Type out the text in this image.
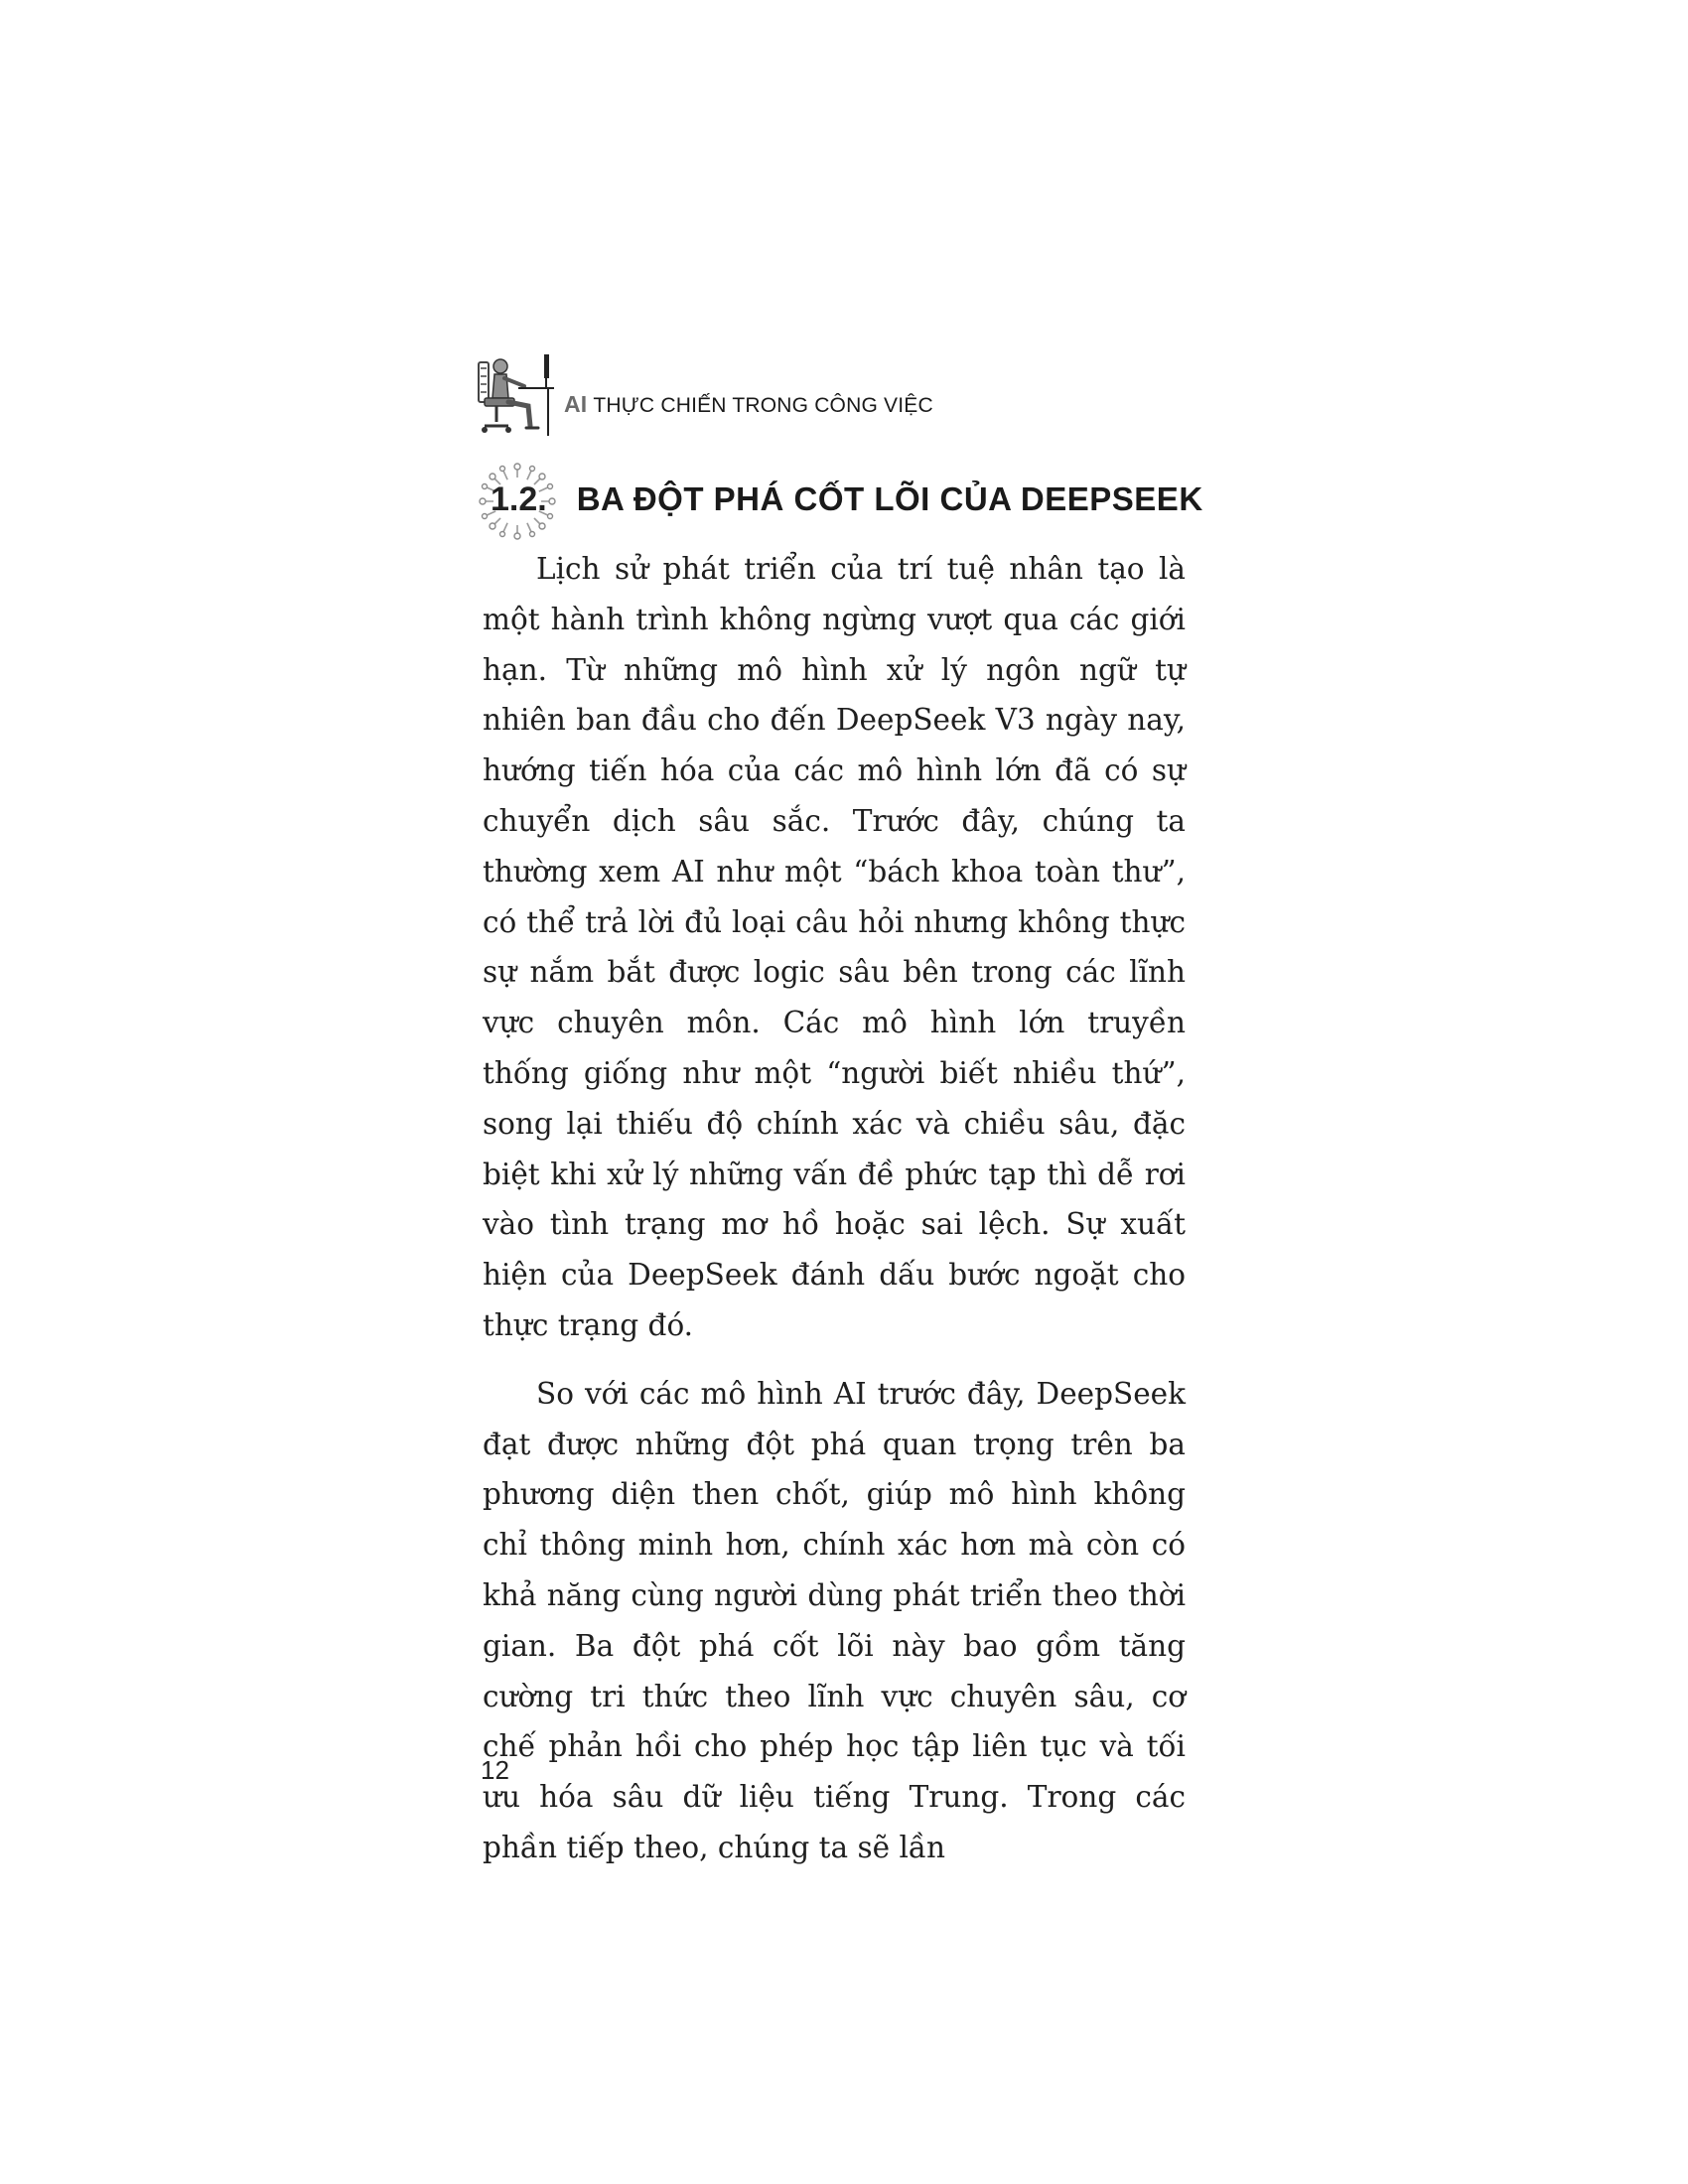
AI THỰC CHIẾN TRONG CÔNG VIỆC
1.2. BA ĐỘT PHÁ CỐT LÕI CỦA DEEPSEEK

Lịch sử phát triển của trí tuệ nhân tạo là một hành trình không ngừng vượt qua các giới hạn. Từ những mô hình xử lý ngôn ngữ tự nhiên ban đầu cho đến DeepSeek V3 ngày nay, hướng tiến hóa của các mô hình lớn đã có sự chuyển dịch sâu sắc. Trước đây, chúng ta thường xem AI như một “bách khoa toàn thư”, có thể trả lời đủ loại câu hỏi nhưng không thực sự nắm bắt được logic sâu bên trong các lĩnh vực chuyên môn. Các mô hình lớn truyền thống giống như một “người biết nhiều thứ”, song lại thiếu độ chính xác và chiều sâu, đặc biệt khi xử lý những vấn đề phức tạp thì dễ rơi vào tình trạng mơ hồ hoặc sai lệch. Sự xuất hiện của DeepSeek đánh dấu bước ngoặt cho thực trạng đó.

So với các mô hình AI trước đây, DeepSeek đạt được những đột phá quan trọng trên ba phương diện then chốt, giúp mô hình không chỉ thông minh hơn, chính xác hơn mà còn có khả năng cùng người dùng phát triển theo thời gian. Ba đột phá cốt lõi này bao gồm tăng cường tri thức theo lĩnh vực chuyên sâu, cơ chế phản hồi cho phép học tập liên tục và tối ưu hóa sâu dữ liệu tiếng Trung. Trong các phần tiếp theo, chúng ta sẽ lần

12
